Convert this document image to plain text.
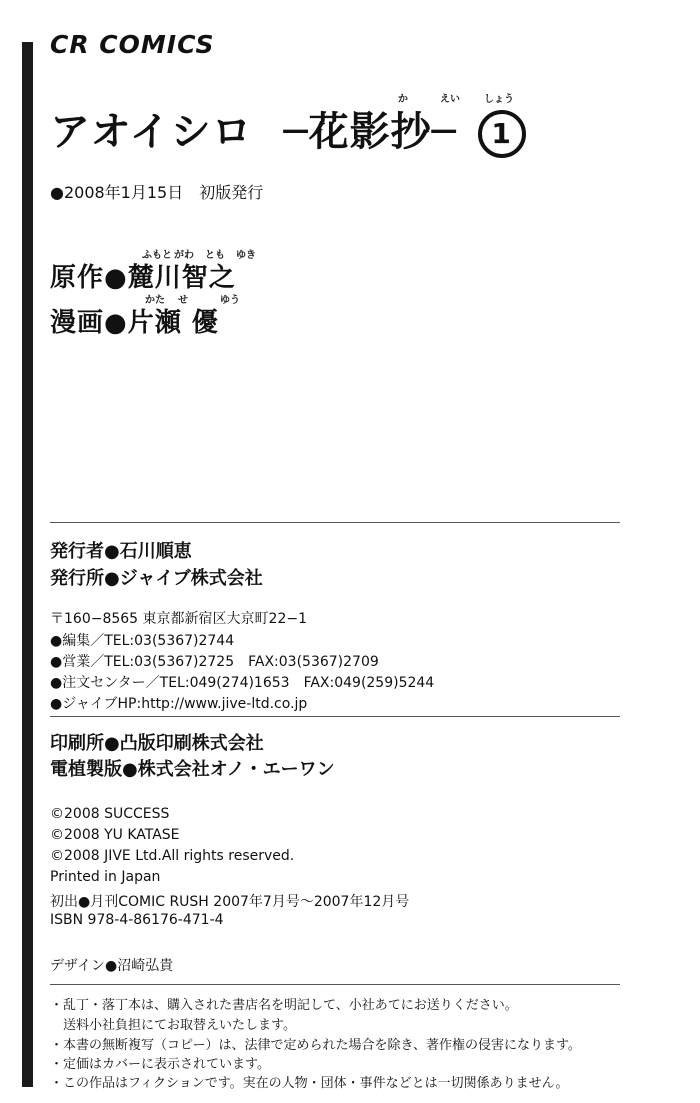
CR COMICS
か	えい しょう
アオイシロ ─花影抄─ 1
●2008年1月15日　初版発行
ふもと がわ とも ゆき
原作●麓川智之
かた せ	ゆう
漫画●片瀬 優
発行者●石川順恵
発行所●ジャイブ株式会社
〒160−8565 東京都新宿区大京町22−1
●編集／TEL:03(5367)2744
●営業／TEL:03(5367)2725　FAX:03(5367)2709
●注文センター／TEL:049(274)1653　FAX:049(259)5244
●ジャイブHP:http://www.jive-ltd.co.jp
印刷所●凸版印刷株式会社
電植製版●株式会社オノ・エーワン
©2008 SUCCESS
©2008 YU KATASE
©2008 JIVE Ltd.All rights reserved.
Printed in Japan
初出●月刊COMIC RUSH 2007年7月号〜2007年12月号
ISBN 978-4-86176-471-4
デザイン●沼崎弘貴
・乱丁・落丁本は、購入された書店名を明記して、小社あてにお送りください。
　送料小社負担にてお取替えいたします。
・本書の無断複写（コピー）は、法律で定められた場合を除き、著作権の侵害になります。
・定価はカバーに表示されています。
・この作品はフィクションです。実在の人物・団体・事件などとは一切関係ありません。
